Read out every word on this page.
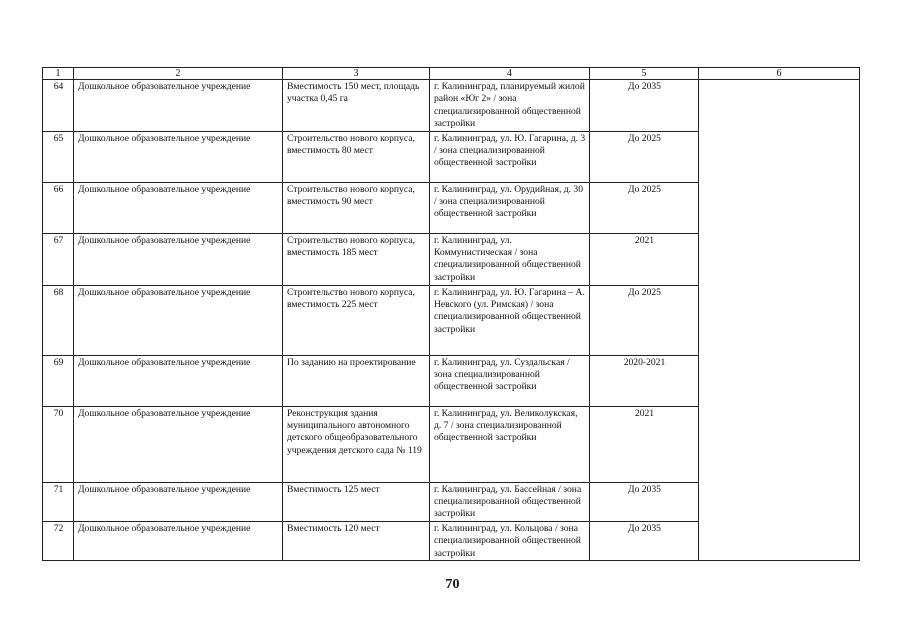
1	2	3	4	5	6
64	Дошкольное образовательное учреждение	Вместимость 150 мест, площадь участка 0,45 га	г. Калининград, планируемый жилой район «Юг 2» / зона специализированной общественной застройки	До 2035	
65	Дошкольное образовательное учреждение	Строительство нового корпуса, вместимость 80 мест	г. Калининград, ул. Ю. Гагарина, д. 3 / зона специализированной общественной застройки	До 2025	
66	Дошкольное образовательное учреждение	Строительство нового корпуса, вместимость 90 мест	г. Калининград, ул. Орудийная, д. 30 / зона специализированной общественной застройки	До 2025	
67	Дошкольное образовательное учреждение	Строительство нового корпуса, вместимость 185 мест	г. Калининград, ул. Коммунистическая / зона специализированной общественной застройки	2021	
68	Дошкольное образовательное учреждение	Строительство нового корпуса, вместимость 225 мест	г. Калининград, ул. Ю. Гагарина – А. Невского (ул. Римская) / зона специализированной общественной застройки	До 2025	
69	Дошкольное образовательное учреждение	По заданию на проектирование	г. Калининград, ул. Суздальская / зона специализированной общественной застройки	2020-2021	
70	Дошкольное образовательное учреждение	Реконструкция здания муниципального автономного детского общеобразовательного учреждения детского сада № 119	г. Калининград, ул. Великолукская, д. 7 / зона специализированной общественной застройки	2021	
71	Дошкольное образовательное учреждение	Вместимость 125 мест	г. Калининград, ул. Бассейная / зона специализированной общественной застройки	До 2035	
72	Дошкольное образовательное учреждение	Вместимость 120 мест	г. Калининград, ул. Кольцова / зона специализированной общественной застройки	До 2035	
70
